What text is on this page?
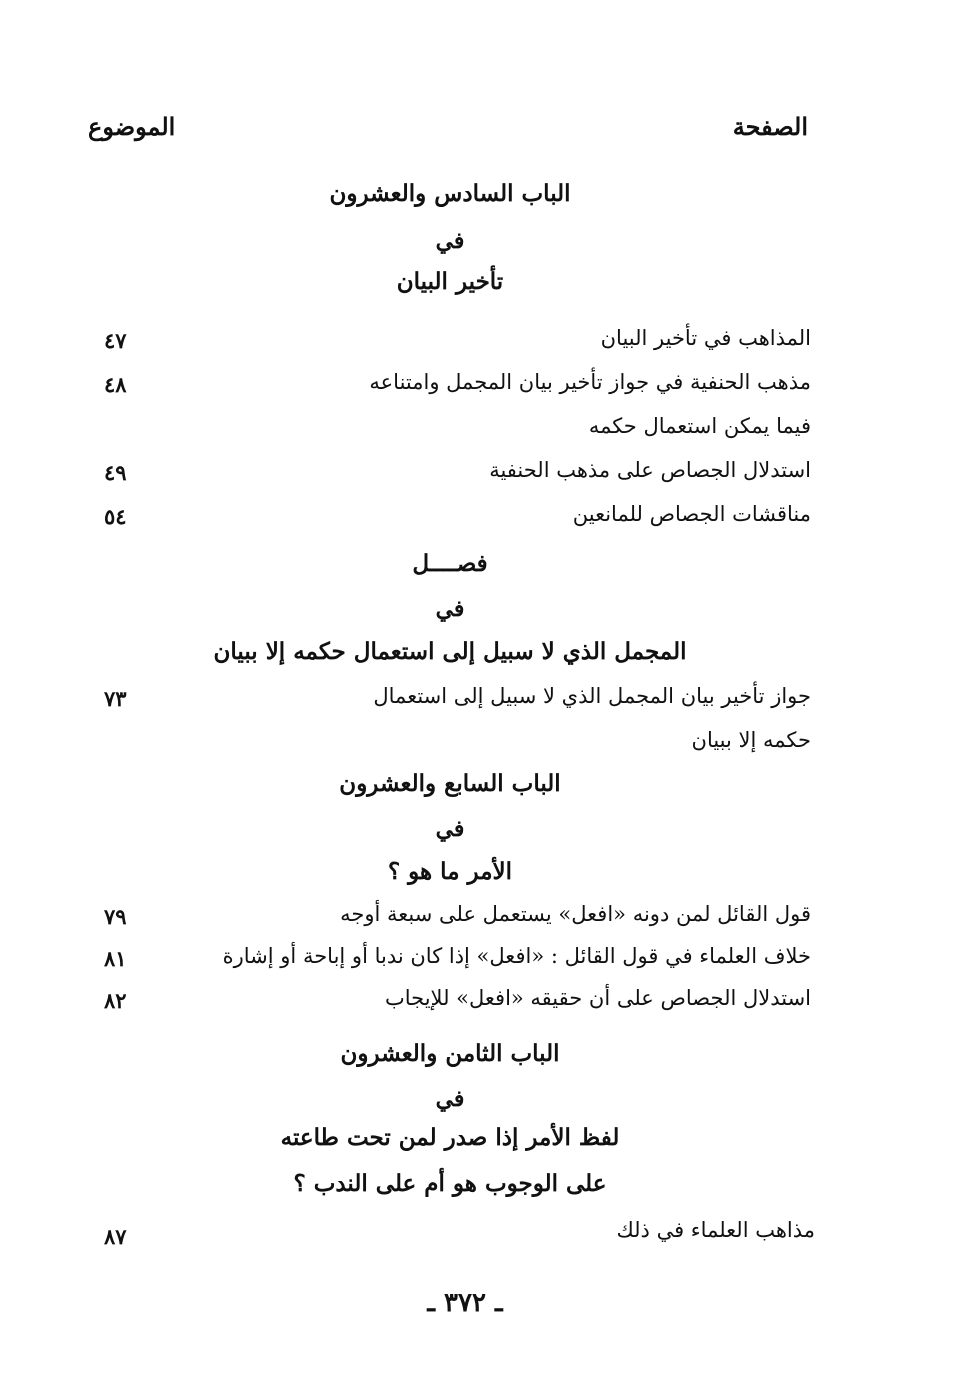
الصفحة
الموضوع
الباب السادس والعشرون
في
تأخير البيان
المذاهب في تأخير البيان
٤٧
مذهب الحنفية في جواز تأخير بيان المجمل وامتناعه
٤٨
فيما يمكن استعمال حكمه
استدلال الجصاص على مذهب الحنفية
٤٩
مناقشات الجصاص للمانعين
٥٤
فصــــل
في
المجمل الذي لا سبيل إلى استعمال حكمه إلا ببيان
جواز تأخير بيان المجمل الذي لا سبيل إلى استعمال
٧٣
حكمه إلا ببيان
الباب السابع والعشرون
في
الأمر ما هو ؟
قول القائل لمن دونه «افعل» يستعمل على سبعة أوجه
٧٩
خلاف العلماء في قول القائل : «افعل» إذا كان ندبا أو إباحة أو إشارة
٨١
استدلال الجصاص على أن حقيقه «افعل» للإيجاب
٨٢
الباب الثامن والعشرون
في
لفظ الأمر إذا صدر لمن تحت طاعته
على الوجوب هو أم على الندب ؟
مذاهب العلماء في ذلك
٨٧
ـ ٣٧٢ ـ
